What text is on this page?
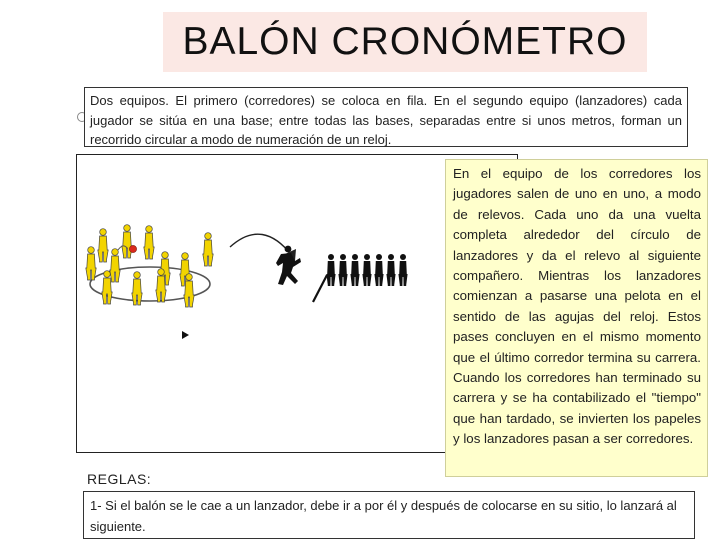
BALÓN CRONÓMETRO
Dos equipos. El primero (corredores) se coloca en fila. En el segundo equipo (lanzadores) cada jugador se sitúa en una base; entre todas las bases, separadas entre si unos metros, forman un recorrido circular a modo de numeración de un reloj.
En el equipo de los corredores los jugadores salen de uno en uno, a modo de relevos. Cada uno da una vuelta completa alrededor del círculo de lanzadores y da el relevo al siguiente compañero. Mientras los lanzadores comienzan a pasarse una pelota en el sentido de las agujas del reloj. Estos pases concluyen en el mismo momento que el último corredor termina su carrera. Cuando los corredores han terminado su carrera y se ha contabilizado el "tiempo" que han tardado, se invierten los papeles y los lanzadores pasan a ser corredores.
REGLAS:
1- Si el balón se le cae a un lanzador, debe ir a por él y después de colocarse en su sitio, lo lanzará al siguiente.
